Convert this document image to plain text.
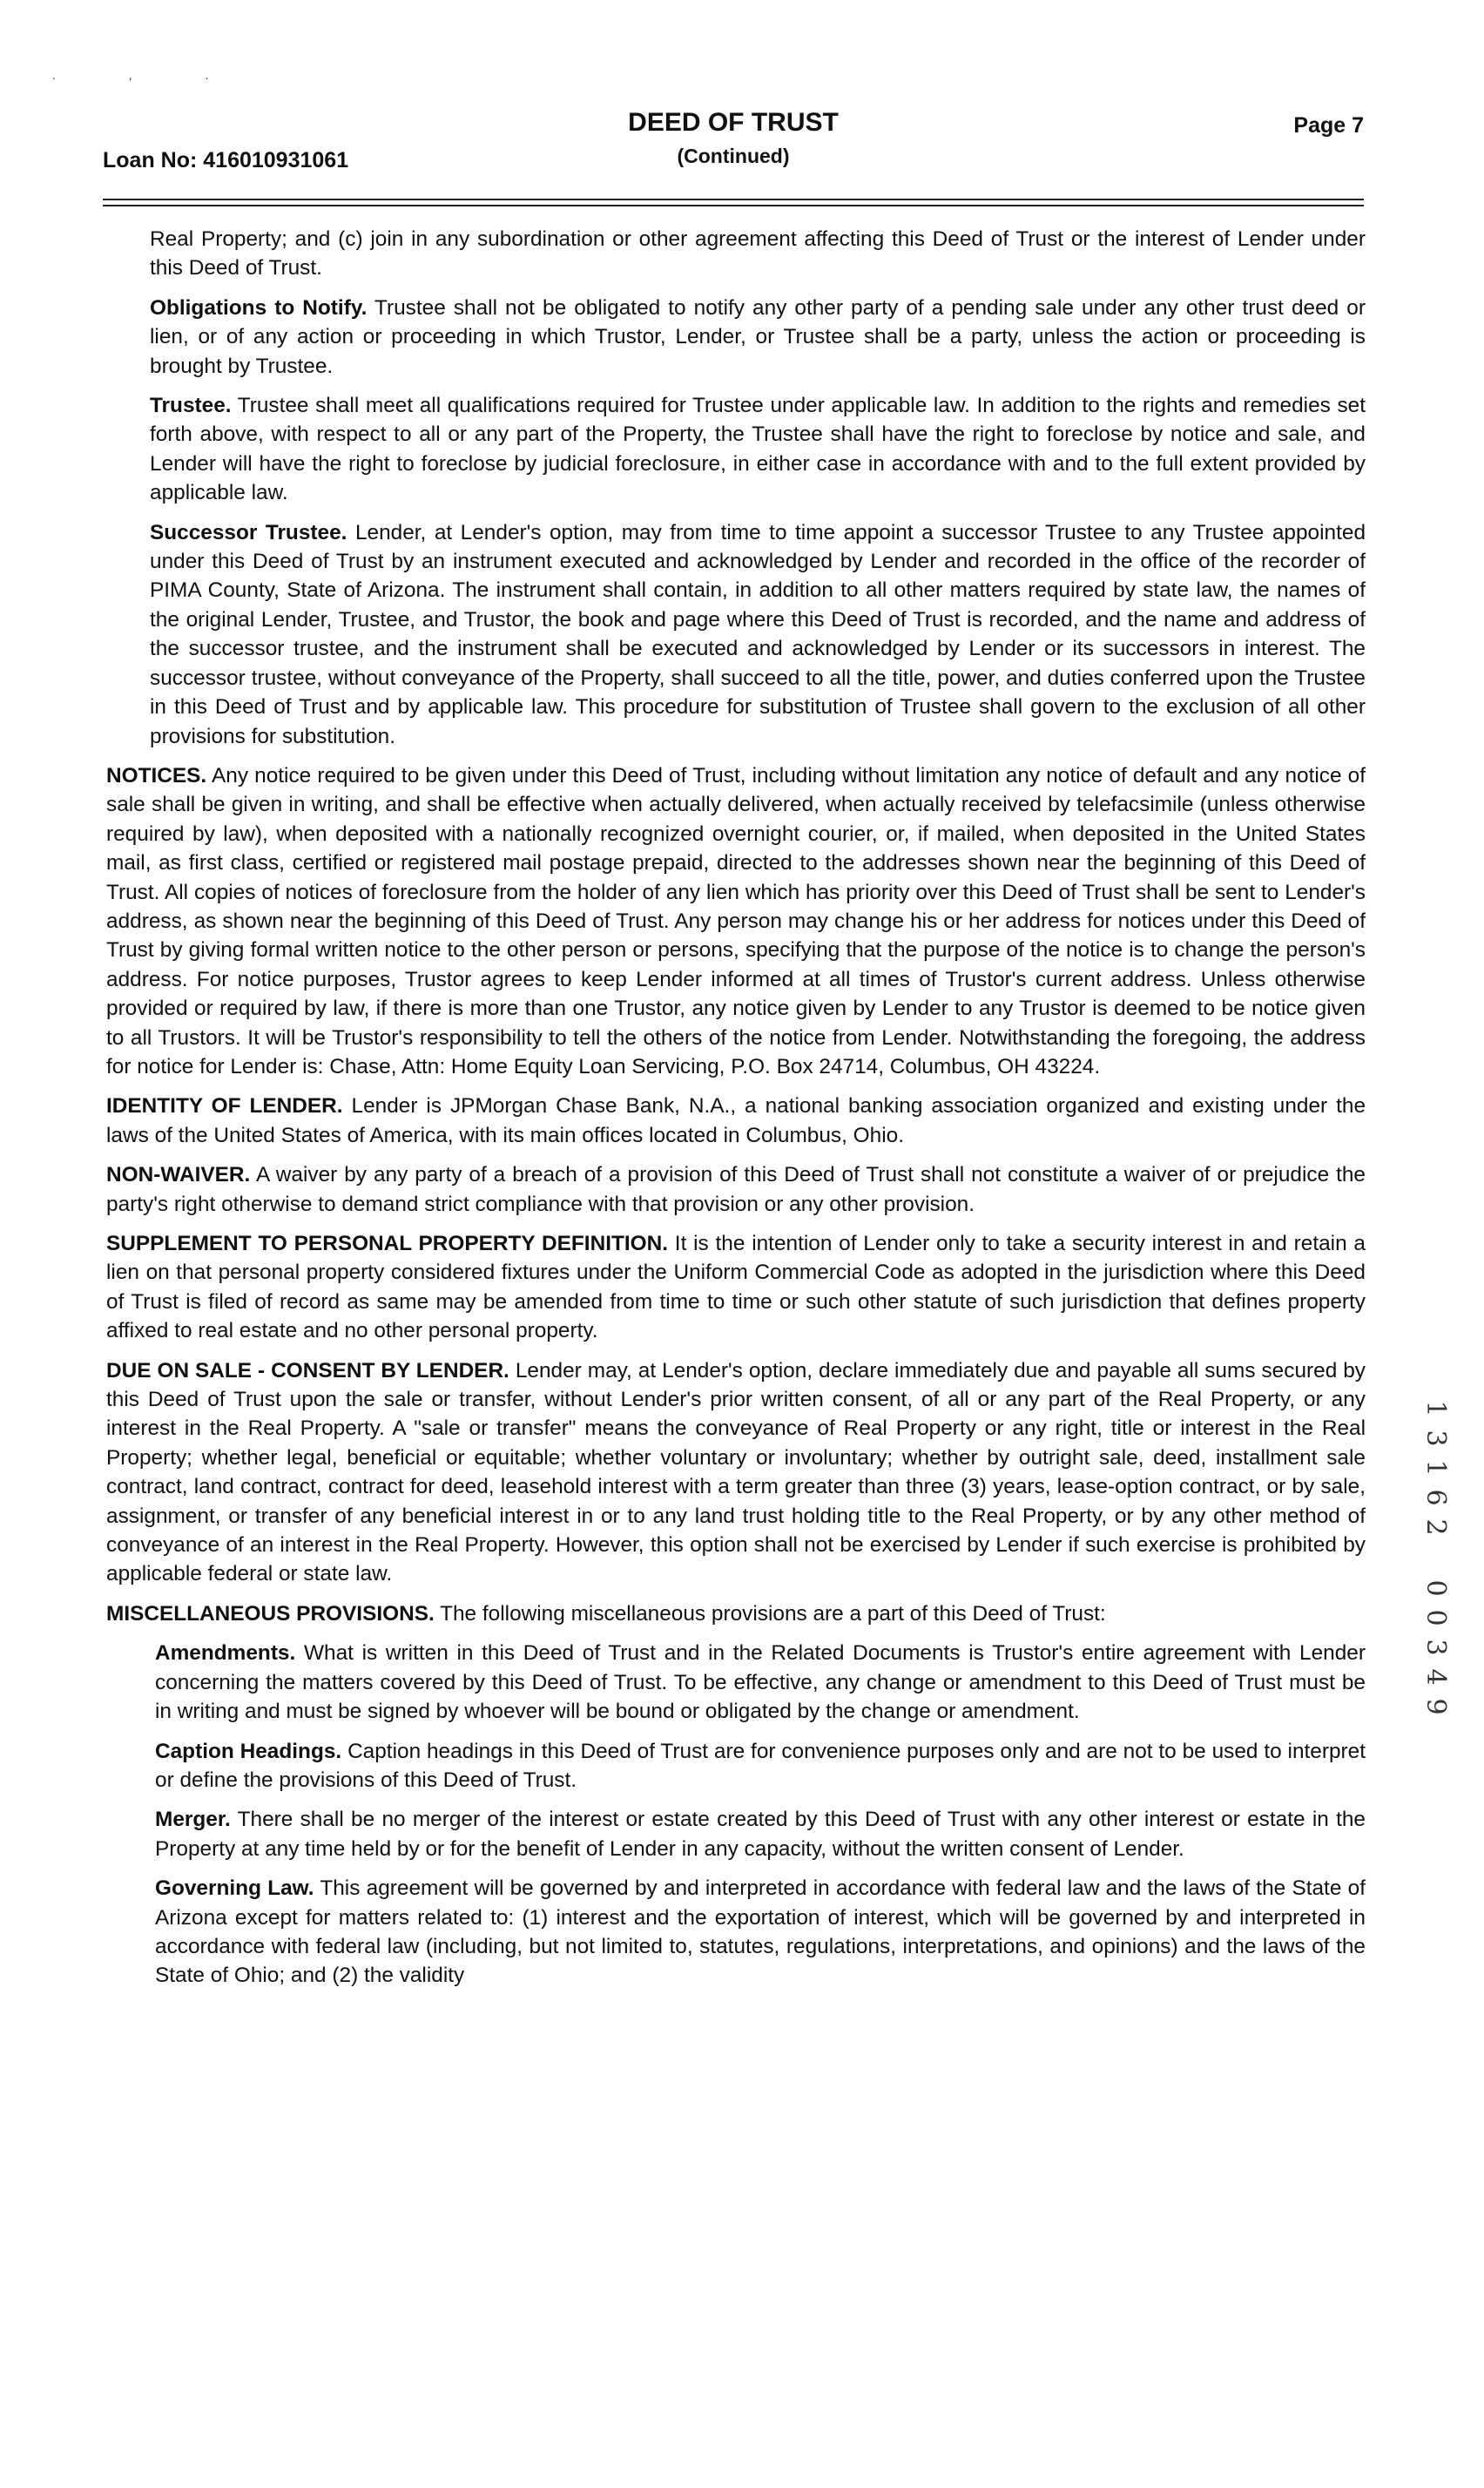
. , .
Loan No: 416010931061
DEED OF TRUST
(Continued)
Page 7

Real Property; and (c) join in any subordination or other agreement affecting this Deed of Trust or the interest of Lender under this Deed of Trust.

Obligations to Notify. Trustee shall not be obligated to notify any other party of a pending sale under any other trust deed or lien, or of any action or proceeding in which Trustor, Lender, or Trustee shall be a party, unless the action or proceeding is brought by Trustee.

Trustee. Trustee shall meet all qualifications required for Trustee under applicable law. In addition to the rights and remedies set forth above, with respect to all or any part of the Property, the Trustee shall have the right to foreclose by notice and sale, and Lender will have the right to foreclose by judicial foreclosure, in either case in accordance with and to the full extent provided by applicable law.

Successor Trustee. Lender, at Lender's option, may from time to time appoint a successor Trustee to any Trustee appointed under this Deed of Trust by an instrument executed and acknowledged by Lender and recorded in the office of the recorder of PIMA County, State of Arizona. The instrument shall contain, in addition to all other matters required by state law, the names of the original Lender, Trustee, and Trustor, the book and page where this Deed of Trust is recorded, and the name and address of the successor trustee, and the instrument shall be executed and acknowledged by Lender or its successors in interest. The successor trustee, without conveyance of the Property, shall succeed to all the title, power, and duties conferred upon the Trustee in this Deed of Trust and by applicable law. This procedure for substitution of Trustee shall govern to the exclusion of all other provisions for substitution.

NOTICES. Any notice required to be given under this Deed of Trust, including without limitation any notice of default and any notice of sale shall be given in writing, and shall be effective when actually delivered, when actually received by telefacsimile (unless otherwise required by law), when deposited with a nationally recognized overnight courier, or, if mailed, when deposited in the United States mail, as first class, certified or registered mail postage prepaid, directed to the addresses shown near the beginning of this Deed of Trust. All copies of notices of foreclosure from the holder of any lien which has priority over this Deed of Trust shall be sent to Lender's address, as shown near the beginning of this Deed of Trust. Any person may change his or her address for notices under this Deed of Trust by giving formal written notice to the other person or persons, specifying that the purpose of the notice is to change the person's address. For notice purposes, Trustor agrees to keep Lender informed at all times of Trustor's current address. Unless otherwise provided or required by law, if there is more than one Trustor, any notice given by Lender to any Trustor is deemed to be notice given to all Trustors. It will be Trustor's responsibility to tell the others of the notice from Lender. Notwithstanding the foregoing, the address for notice for Lender is: Chase, Attn: Home Equity Loan Servicing, P.O. Box 24714, Columbus, OH 43224.

IDENTITY OF LENDER. Lender is JPMorgan Chase Bank, N.A., a national banking association organized and existing under the laws of the United States of America, with its main offices located in Columbus, Ohio.

NON-WAIVER. A waiver by any party of a breach of a provision of this Deed of Trust shall not constitute a waiver of or prejudice the party's right otherwise to demand strict compliance with that provision or any other provision.

SUPPLEMENT TO PERSONAL PROPERTY DEFINITION. It is the intention of Lender only to take a security interest in and retain a lien on that personal property considered fixtures under the Uniform Commercial Code as adopted in the jurisdiction where this Deed of Trust is filed of record as same may be amended from time to time or such other statute of such jurisdiction that defines property affixed to real estate and no other personal property.

DUE ON SALE - CONSENT BY LENDER. Lender may, at Lender's option, declare immediately due and payable all sums secured by this Deed of Trust upon the sale or transfer, without Lender's prior written consent, of all or any part of the Real Property, or any interest in the Real Property. A "sale or transfer" means the conveyance of Real Property or any right, title or interest in the Real Property; whether legal, beneficial or equitable; whether voluntary or involuntary; whether by outright sale, deed, installment sale contract, land contract, contract for deed, leasehold interest with a term greater than three (3) years, lease-option contract, or by sale, assignment, or transfer of any beneficial interest in or to any land trust holding title to the Real Property, or by any other method of conveyance of an interest in the Real Property. However, this option shall not be exercised by Lender if such exercise is prohibited by applicable federal or state law.

MISCELLANEOUS PROVISIONS. The following miscellaneous provisions are a part of this Deed of Trust:

Amendments. What is written in this Deed of Trust and in the Related Documents is Trustor's entire agreement with Lender concerning the matters covered by this Deed of Trust. To be effective, any change or amendment to this Deed of Trust must be in writing and must be signed by whoever will be bound or obligated by the change or amendment.

Caption Headings. Caption headings in this Deed of Trust are for convenience purposes only and are not to be used to interpret or define the provisions of this Deed of Trust.

Merger. There shall be no merger of the interest or estate created by this Deed of Trust with any other interest or estate in the Property at any time held by or for the benefit of Lender in any capacity, without the written consent of Lender.

Governing Law. This agreement will be governed by and interpreted in accordance with federal law and the laws of the State of Arizona except for matters related to: (1) interest and the exportation of interest, which will be governed by and interpreted in accordance with federal law (including, but not limited to, statutes, regulations, interpretations, and opinions) and the laws of the State of Ohio; and (2) the validity

1
3
1
6
2
0
0
3
4
9
